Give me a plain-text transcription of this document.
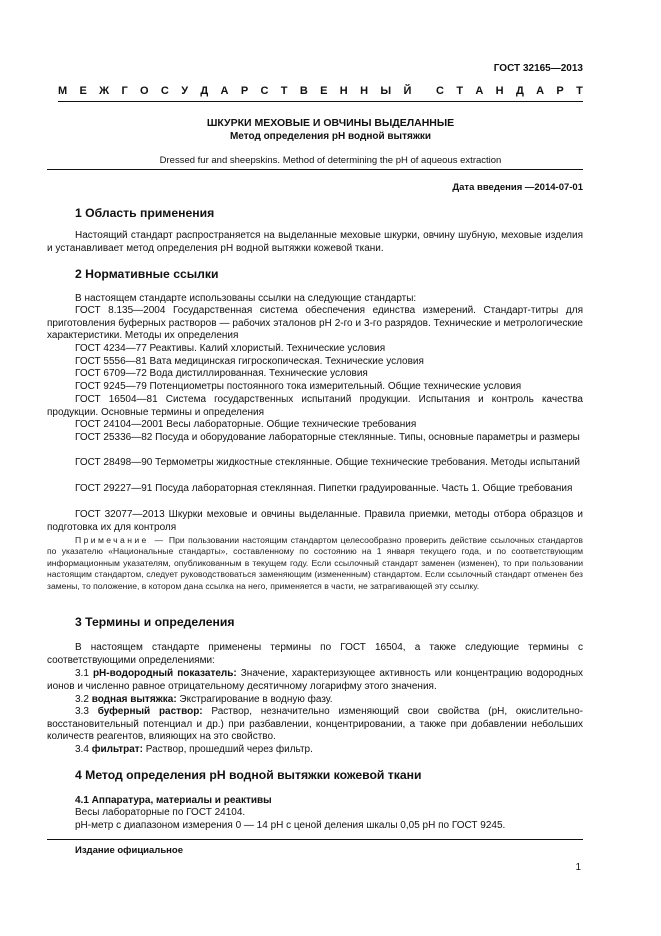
ГОСТ 32165—2013
М Е Ж Г О С У Д А Р С Т В Е Н Н Ы Й С Т А Н Д А Р Т
ШКУРКИ МЕХОВЫЕ И ОВЧИНЫ ВЫДЕЛАННЫЕ
Метод определения pH водной вытяжки
Dressed fur and sheepskins. Method of determining the pH of aqueous extraction
Дата введения —2014-07-01
1 Область применения
Настоящий стандарт распространяется на выделанные меховые шкурки, овчину шубную, меховые изделия и устанавливает метод определения pH водной вытяжки кожевой ткани.
2 Нормативные ссылки
В настоящем стандарте использованы ссылки на следующие стандарты:
ГОСТ 8.135—2004 Государственная система обеспечения единства измерений. Стандарт-титры для приготовления буферных растворов — рабочих эталонов pH 2-го и 3-го разрядов. Технические и метрологические характеристики. Методы их определения
ГОСТ 4234—77 Реактивы. Калий хлористый. Технические условия
ГОСТ 5556—81 Вата медицинская гигроскопическая. Технические условия
ГОСТ 6709—72 Вода дистиллированная. Технические условия
ГОСТ 9245—79 Потенциометры постоянного тока измерительный. Общие технические условия
ГОСТ 16504—81 Система государственных испытаний продукции. Испытания и контроль качества продукции. Основные термины и определения
ГОСТ 24104—2001 Весы лабораторные. Общие технические требования
ГОСТ 25336—82 Посуда и оборудование лабораторные стеклянные. Типы, основные параметры и размеры
ГОСТ 28498—90 Термометры жидкостные стеклянные. Общие технические требования. Методы испытаний
ГОСТ 29227—91 Посуда лабораторная стеклянная. Пипетки градуированные. Часть 1. Общие требования
ГОСТ 32077—2013 Шкурки меховые и овчины выделанные. Правила приемки, методы отбора образцов и подготовка их для контроля
Примечание — При пользовании настоящим стандартом целесообразно проверить действие ссылочных стандартов по указателю «Национальные стандарты», составленному по состоянию на 1 января текущего года, и по соответствующим информационным указателям, опубликованным в текущем году. Если ссылочный стандарт заменен (изменен), то при пользовании настоящим стандартом, следует руководствоваться заменяющим (измененным) стандартом. Если ссылочный стандарт отменен без замены, то положение, в котором дана ссылка на него, применяется в части, не затрагивающей эту ссылку.
3 Термины и определения
В настоящем стандарте применены термины по ГОСТ 16504, а также следующие термины с соответствующими определениями:
3.1 pH-водородный показатель: Значение, характеризующее активность или концентрацию водородных ионов и численно равное отрицательному десятичному логарифму этого значения.
3.2 водная вытяжка: Экстрагирование в водную фазу.
3.3 буферный раствор: Раствор, незначительно изменяющий свои свойства (pH, окислительно-восстановительный потенциал и др.) при разбавлении, концентрировании, а также при добавлении небольших количеств реагентов, влияющих на это свойство.
3.4 фильтрат: Раствор, прошедший через фильтр.
4 Метод определения pH водной вытяжки кожевой ткани
4.1 Аппаратура, материалы и реактивы
Весы лабораторные по ГОСТ 24104.
pH-метр с диапазоном измерения 0 — 14 pH с ценой деления шкалы 0,05 pH по ГОСТ 9245.
Издание официальное
1
